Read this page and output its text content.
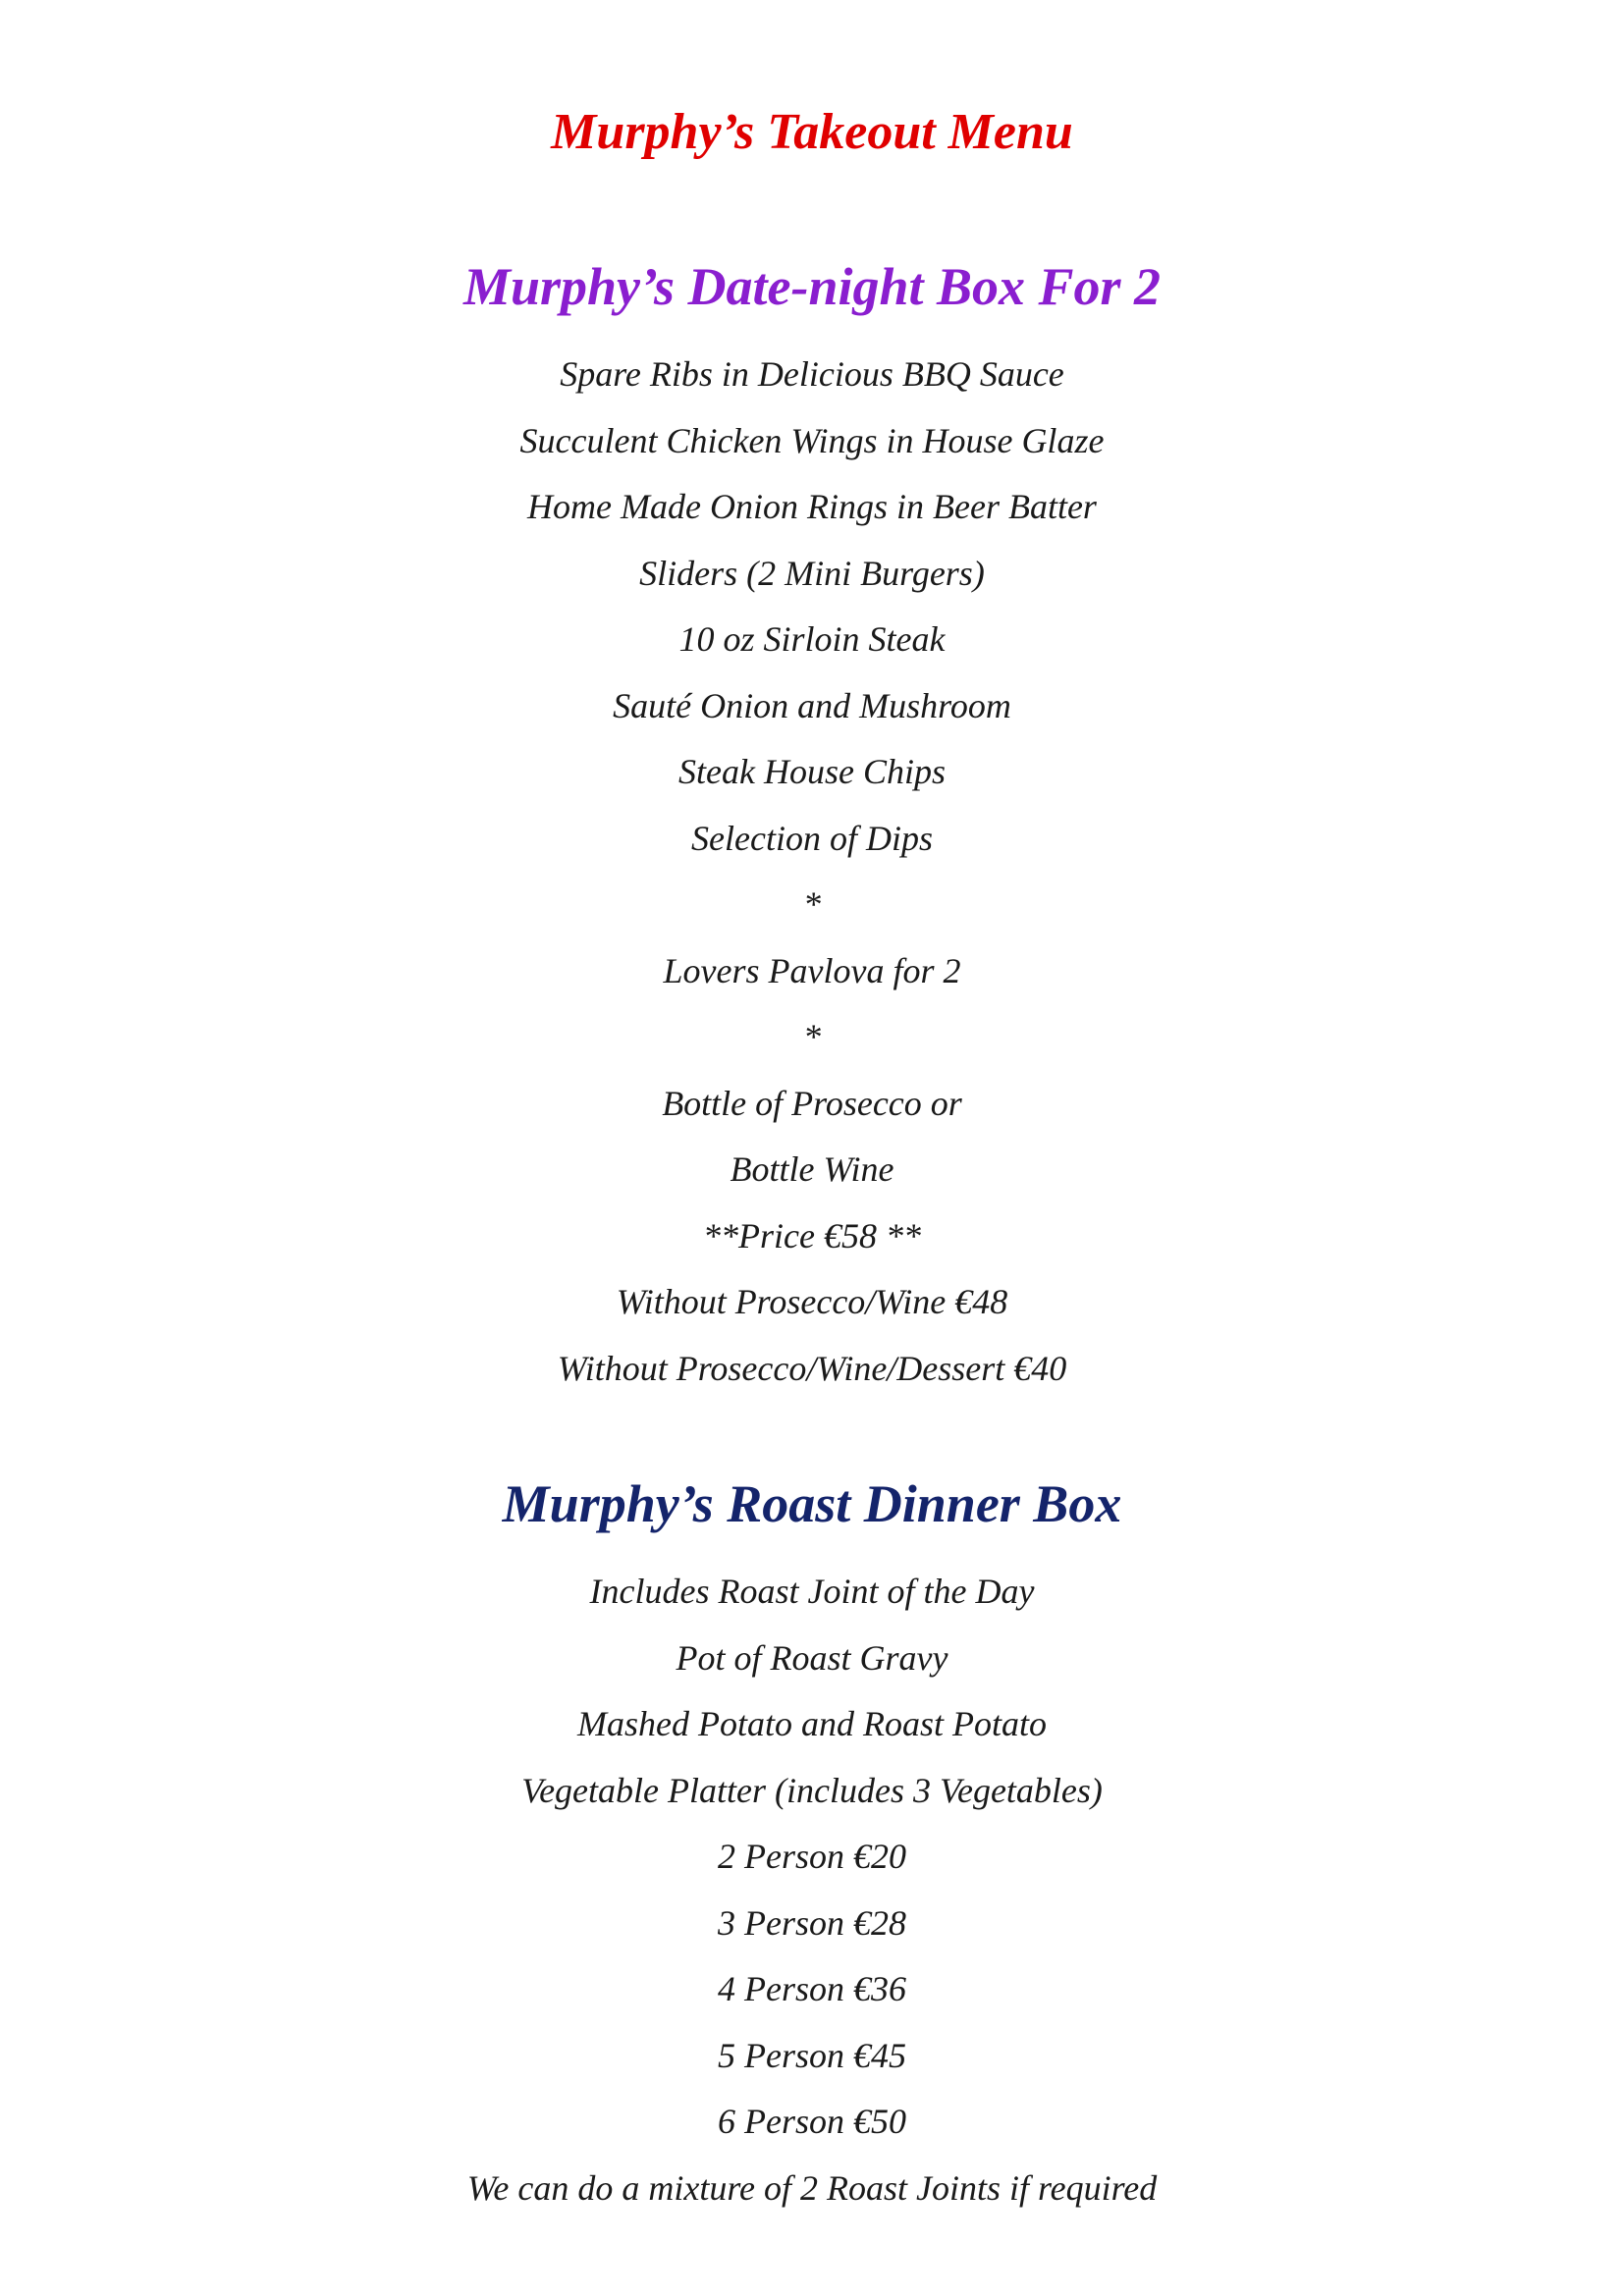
Murphy’s Takeout Menu
Murphy’s Date-night Box For 2
Spare Ribs in Delicious BBQ Sauce
Succulent Chicken Wings in House Glaze
Home Made Onion Rings in Beer Batter
Sliders (2 Mini Burgers)
10 oz Sirloin Steak
Sauté Onion and Mushroom
Steak House Chips
Selection of Dips
*
Lovers Pavlova for 2
*
Bottle of Prosecco or
Bottle Wine
**Price €58 **
Without Prosecco/Wine €48
Without Prosecco/Wine/Dessert €40
Murphy’s Roast Dinner Box
Includes Roast Joint of the Day
Pot of Roast Gravy
Mashed Potato and Roast Potato
Vegetable Platter (includes 3 Vegetables)
2 Person €20
3 Person €28
4 Person €36
5 Person €45
6 Person €50
We can do a mixture of 2 Roast Joints if required
